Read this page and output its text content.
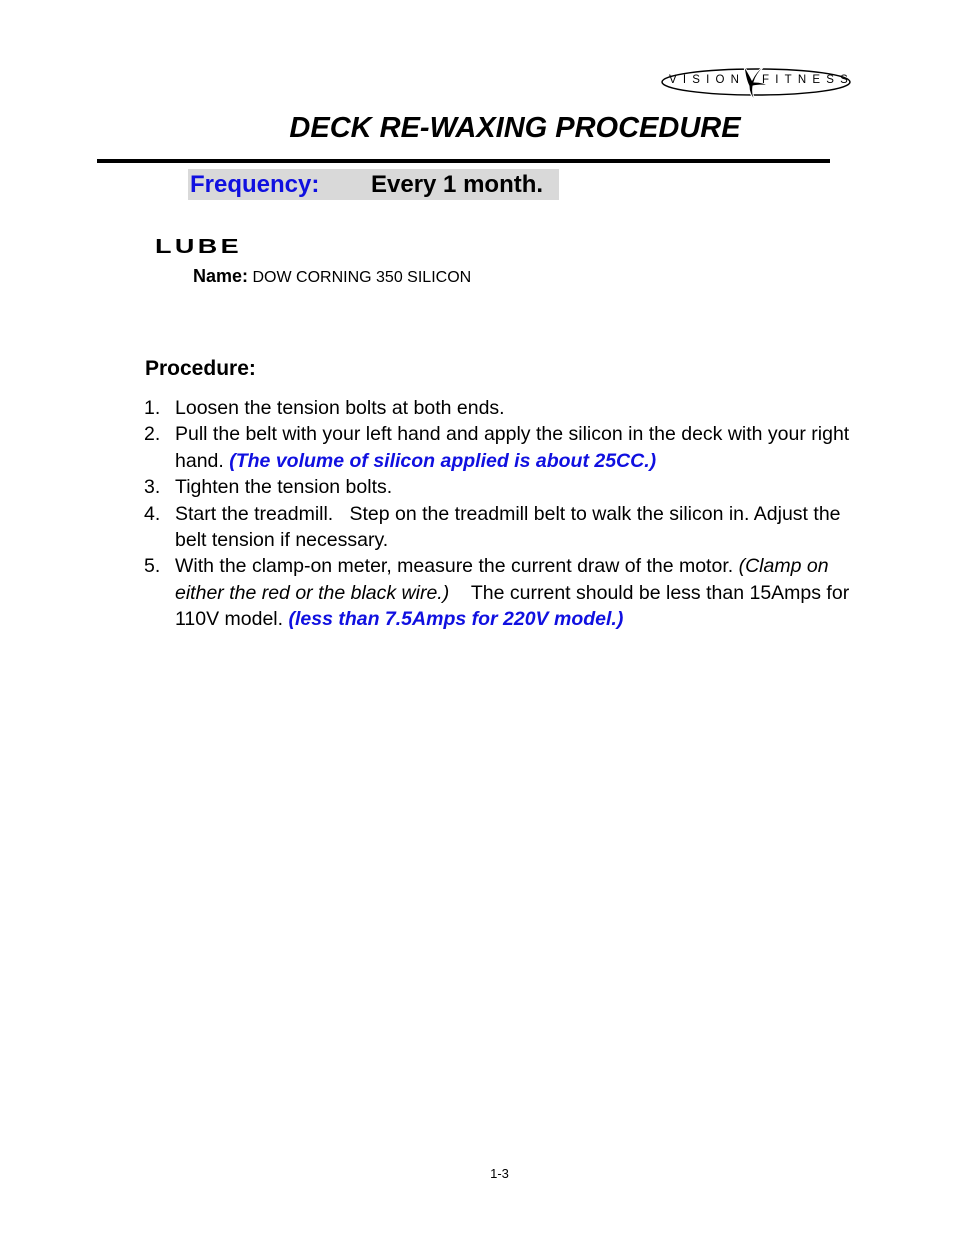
VISION FITNESS
DECK RE-WAXING PROCEDURE
Frequency: Every 1 month.
LUBE
Name: DOW CORNING 350 SILICON
Procedure:
1. Loosen the tension bolts at both ends.
2. Pull the belt with your left hand and apply the silicon in the deck with your right hand. (The volume of silicon applied is about 25CC.)
3. Tighten the tension bolts.
4. Start the treadmill.   Step on the treadmill belt to walk the silicon in. Adjust the belt tension if necessary.
5. With the clamp-on meter, measure the current draw of the motor. (Clamp on either the red or the black wire.)    The current should be less than 15Amps for 110V model. (less than 7.5Amps for 220V model.)
1-3
